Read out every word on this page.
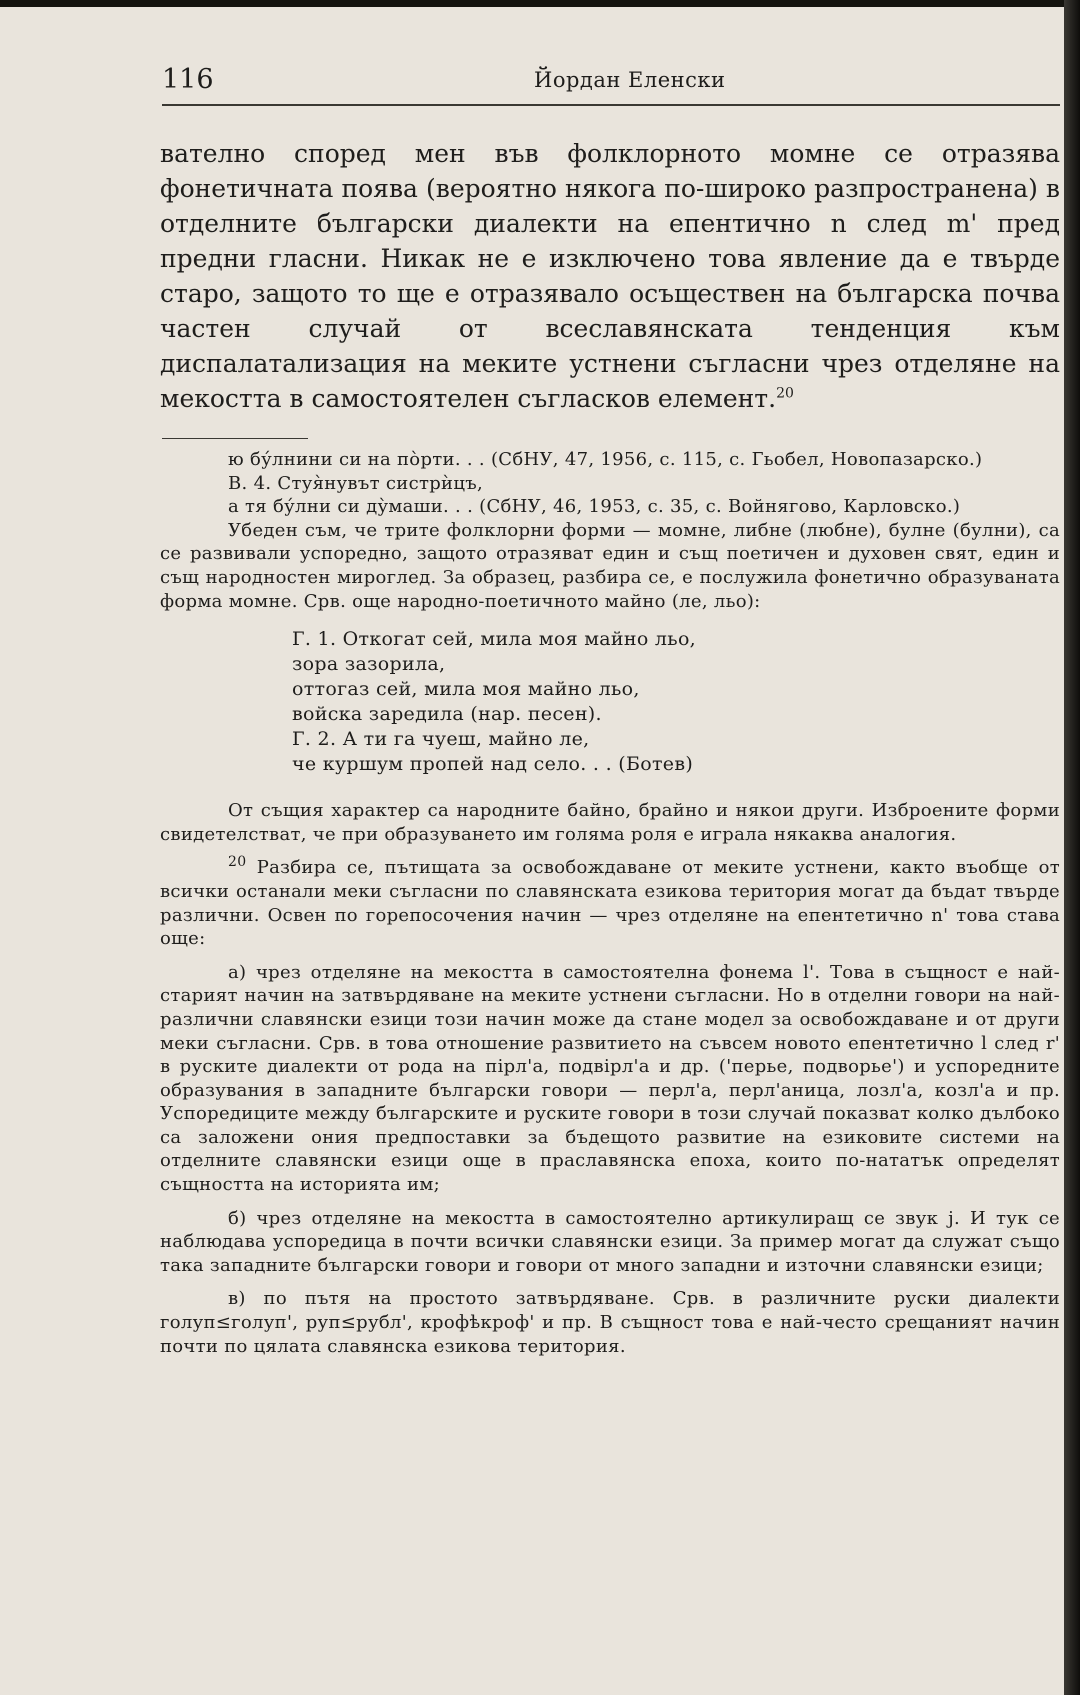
116	Йордан Еленски

вателно според мен във фолклорното момне се отразява фонетичната поява (вероятно някога по-широко разпространена) в отделните български диалекти на епентично n след m' пред предни гласни. Никак не е изключено това явление да е твърде старо, защото то ще е отразявало осъществен на българска почва частен случай от всеславянската тенденция към диспалатализация на меките устнени съгласни чрез отделяне на мекостта в самостоятелен съгласков елемент.$^{20}$

ю бу́лнини си на по̀рти. . . (СбНУ, 47, 1956, с. 115, с. Гьобел, Новопазарско.)

В. 4. Стуя̀нувът систрѝцъ,

а тя бу́лни си ду̀маши. . . (СбНУ, 46, 1953, с. 35, с. Войнягово, Карловско.)

Убеден съм, че трите фолклорни форми — момне, либне (любне), булне (булни), са се развивали успоредно, защото отразяват един и същ поетичен и духовен свят, един и същ народностен мироглед. За образец, разбира се, е послужила фонетично образуваната форма момне. Срв. още народно-поетичното майно (ле, льо):

Г. 1. Откогат сей, мила моя майно льо,
зора зазорила,
оттогаз сей, мила моя майно льо,
войска заредила (нар. песен).
Г. 2. А ти га чуеш, майно ле,
че куршум пропей над село. . . (Ботев)

От същия характер са народните байно, брайно и някои други. Изброените форми свидетелстват, че при образуването им голяма роля е играла някаква аналогия.

$^{20}$ Разбира се, пътищата за освобождаване от меките устнени, както въобще от всички останали меки съгласни по славянската езикова територия могат да бъдат твърде различни. Освен по горепосочения начин — чрез отделяне на епентетично n' това става още:

а) чрез отделяне на мекостта в самостоятелна фонема l'. Това в същност е най-старият начин на затвърдяване на меките устнени съгласни. Но в отделни говори на най-различни славянски езици този начин може да стане модел за освобождаване и от други меки съгласни. Срв. в това отношение развитието на съвсем новото епентетично l след r' в руските диалекти от рода на пірл'а, подвірл'а и др. ('перье, подворье') и успоредните образувания в западните български говори — перл'а, перл'аница, лозл'а, козл'а и пр. Успоредиците между българските и руските говори в този случай показват колко дълбоко са заложени ония предпоставки за бъдещото развитие на езиковите системи на отделните славянски езици още в праславянска епоха, които по-нататък определят същността на историята им;

б) чрез отделяне на мекостта в самостоятелно артикулиращ се звук j. И тук се наблюдава успоредица в почти всички славянски езици. За пример могат да служат също така западните български говори и говори от много западни и източни славянски езици;

в) по пътя на простото затвърдяване. Срв. в различните руски диалекти голуп≤голуп', руп≤рубл', крофѣкроф' и пр. В същност това е най-често срещаният начин почти по цялата славянска езикова територия.
